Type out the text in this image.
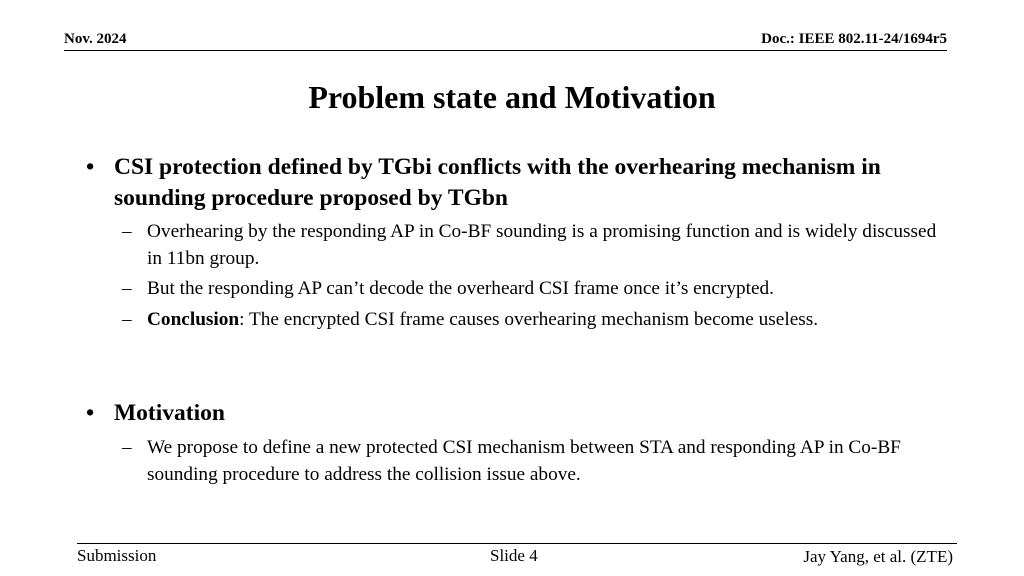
Nov. 2024	Doc.: IEEE 802.11-24/1694r5
Problem state and Motivation
• CSI protection defined by TGbi conflicts with the overhearing mechanism in sounding procedure proposed by TGbn
– Overhearing by the responding AP in Co-BF sounding is a promising function and is widely discussed in 11bn group.
– But the responding AP can’t decode the overheard CSI frame once it’s encrypted.
– Conclusion: The encrypted CSI frame causes overhearing mechanism become useless.
• Motivation
– We propose to define a new protected CSI mechanism between STA and responding AP in Co-BF sounding procedure to address the collision issue above.
Submission	Slide 4	Jay Yang, et al. (ZTE)
